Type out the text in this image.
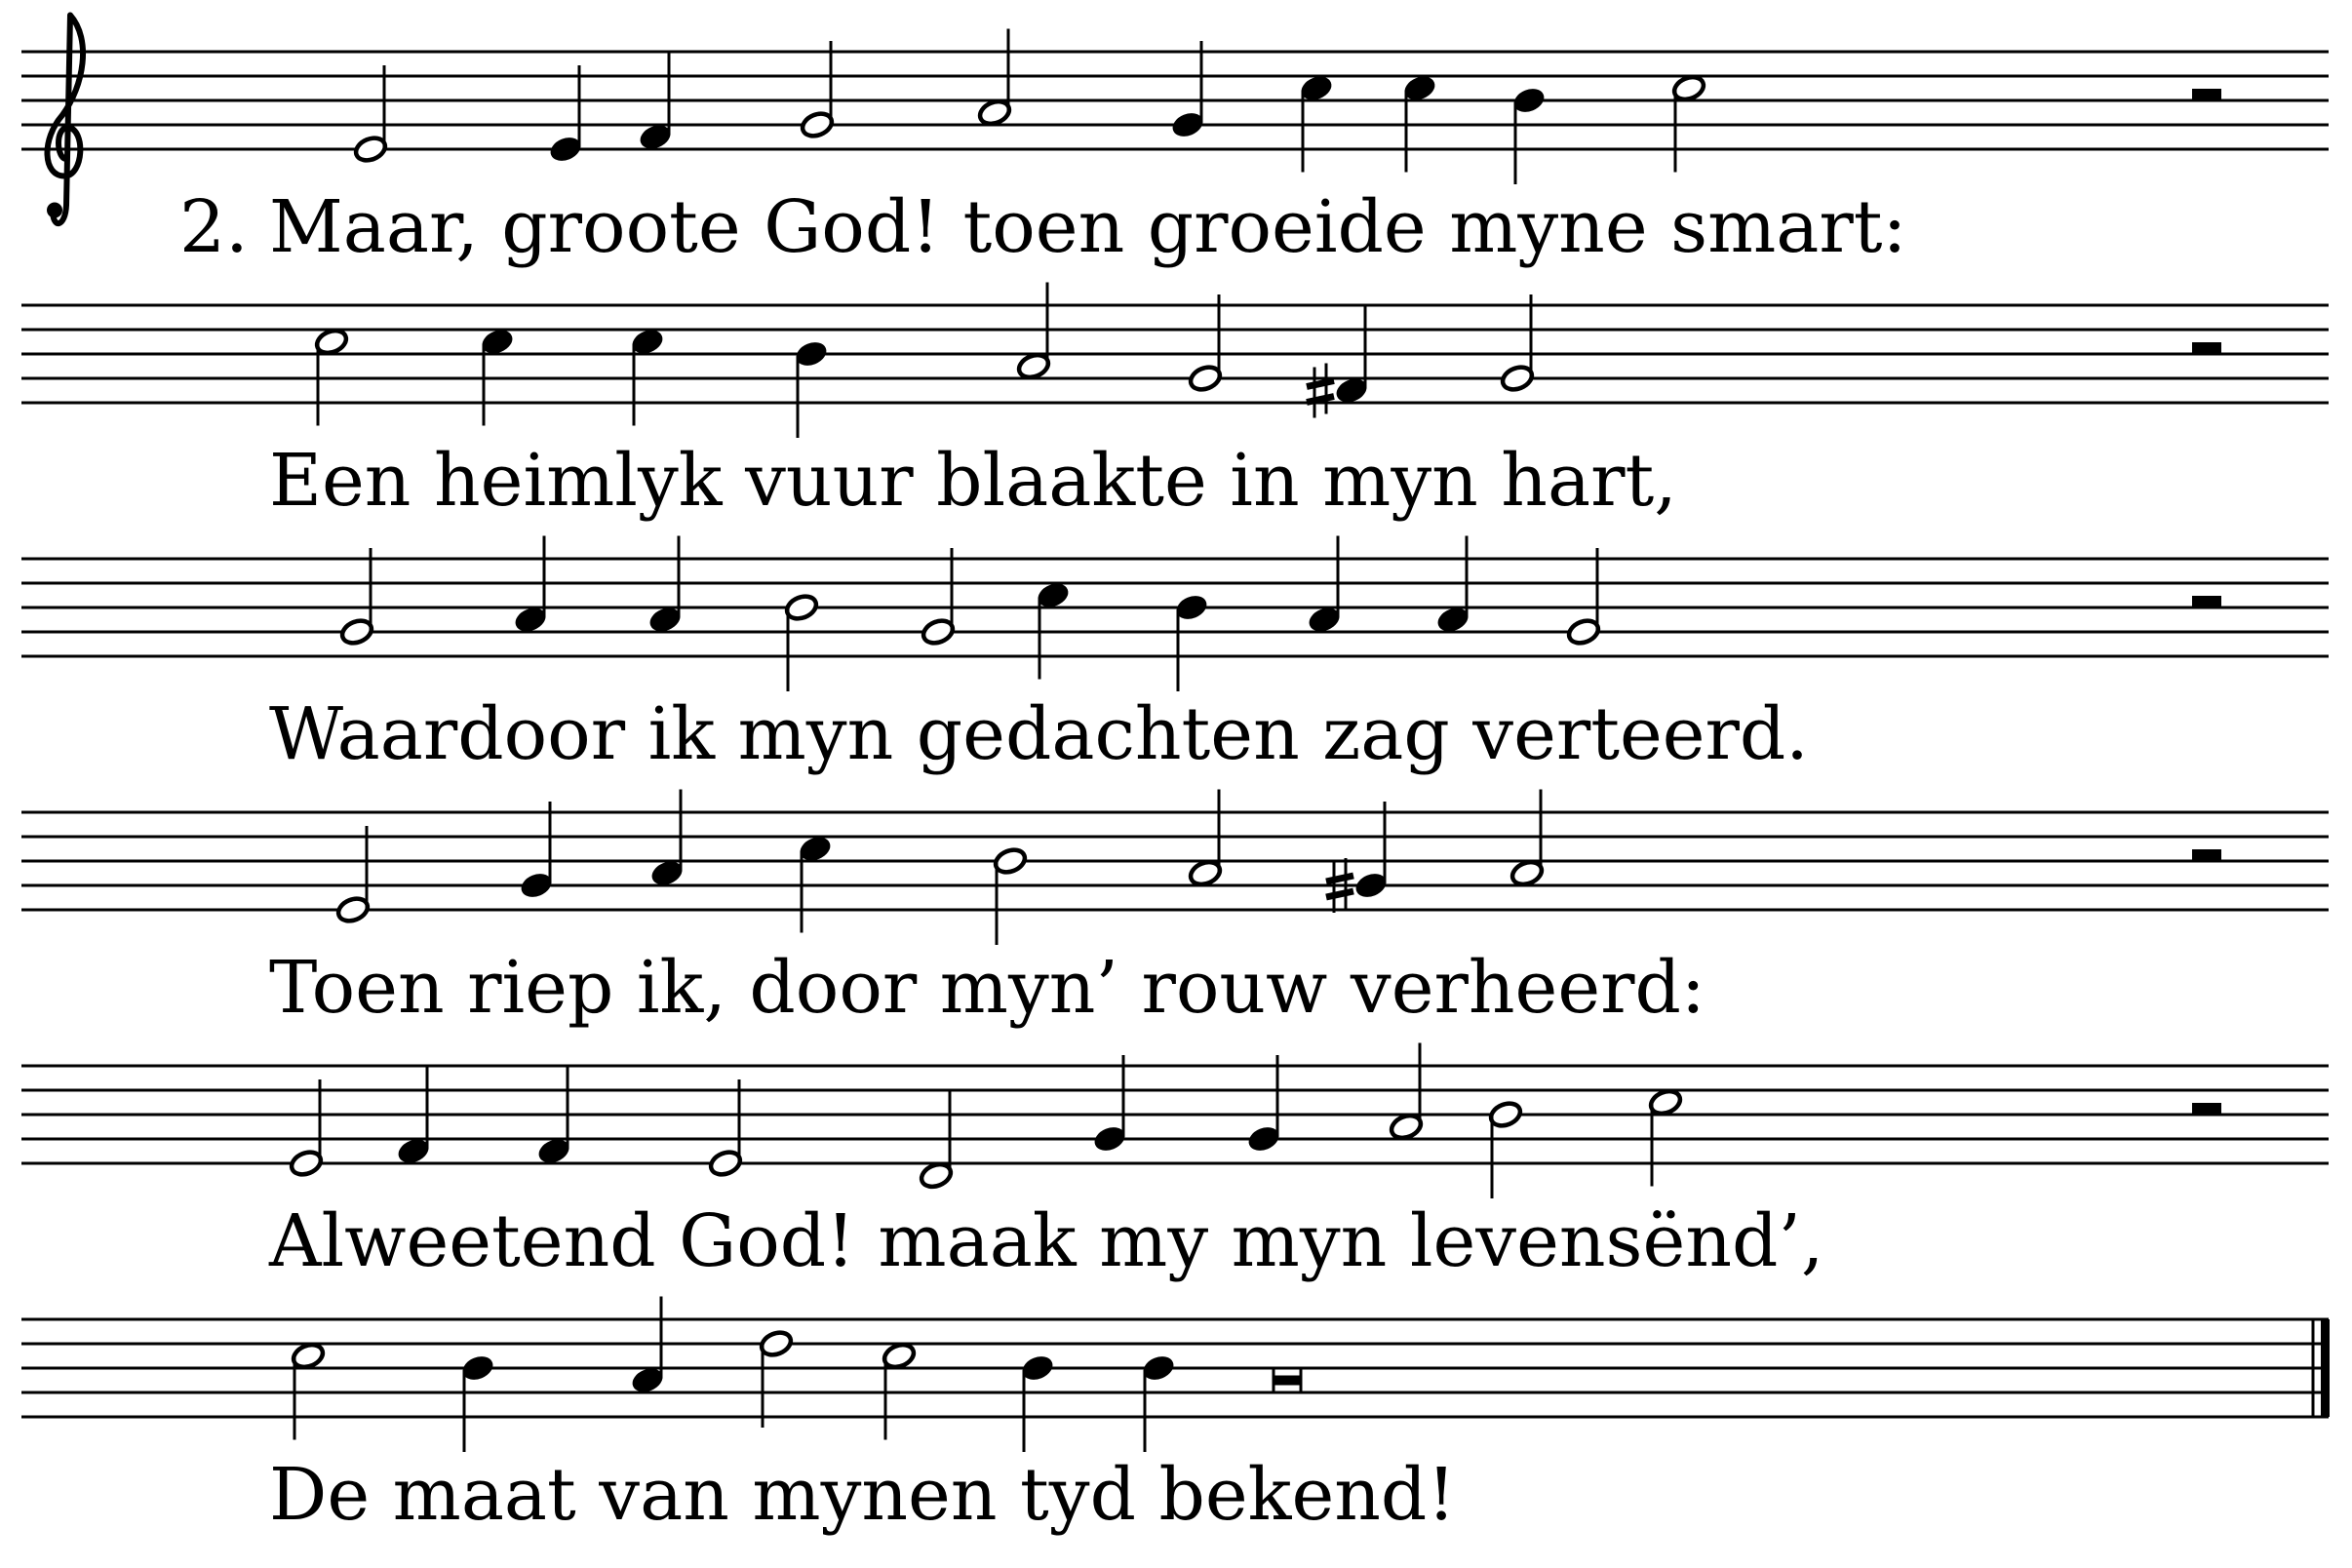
2. Maar, groote God! toen groeide myne smart:
Een heimlyk vuur blaakte in myn hart,
Waardoor ik myn gedachten zag verteerd.
Toen riep ik, door myn’ rouw verheerd:
Alweetend God! maak my myn levensënd’,
De maat van mynen tyd bekend!
